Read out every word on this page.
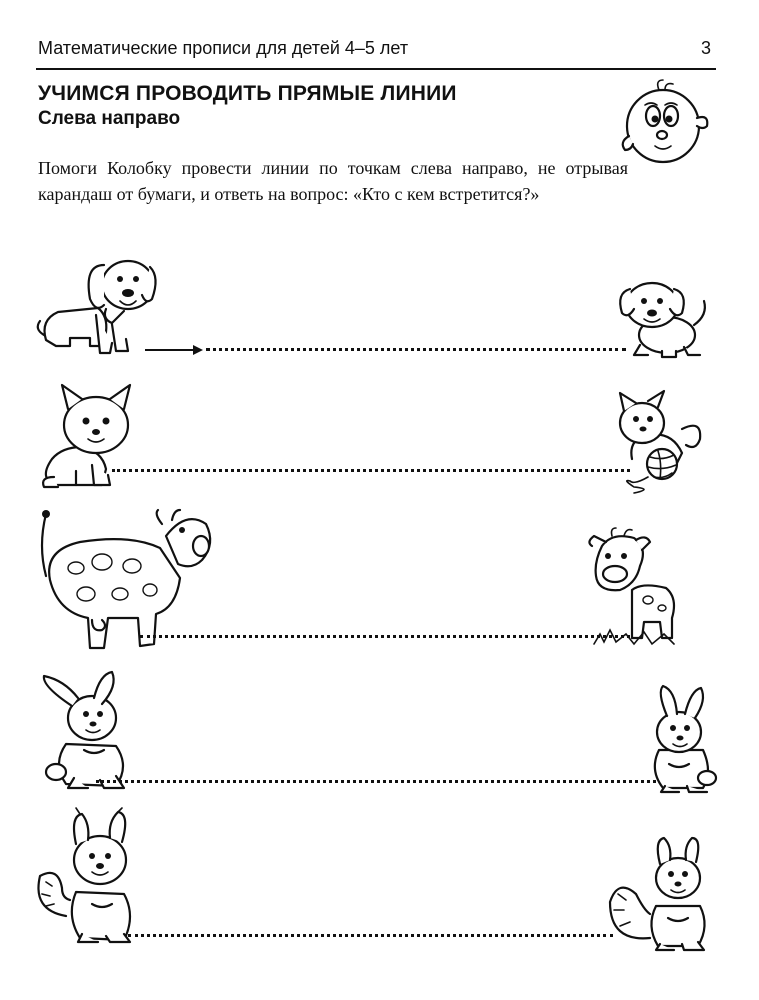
Математические прописи для детей 4–5 лет	3
УЧИМСЯ ПРОВОДИТЬ ПРЯМЫЕ ЛИНИИ
Слева направо
Помоги Колобку провести линии по точкам слева направо, не отрывая карандаш от бумаги, и ответь на вопрос: «Кто с кем встретится?»
